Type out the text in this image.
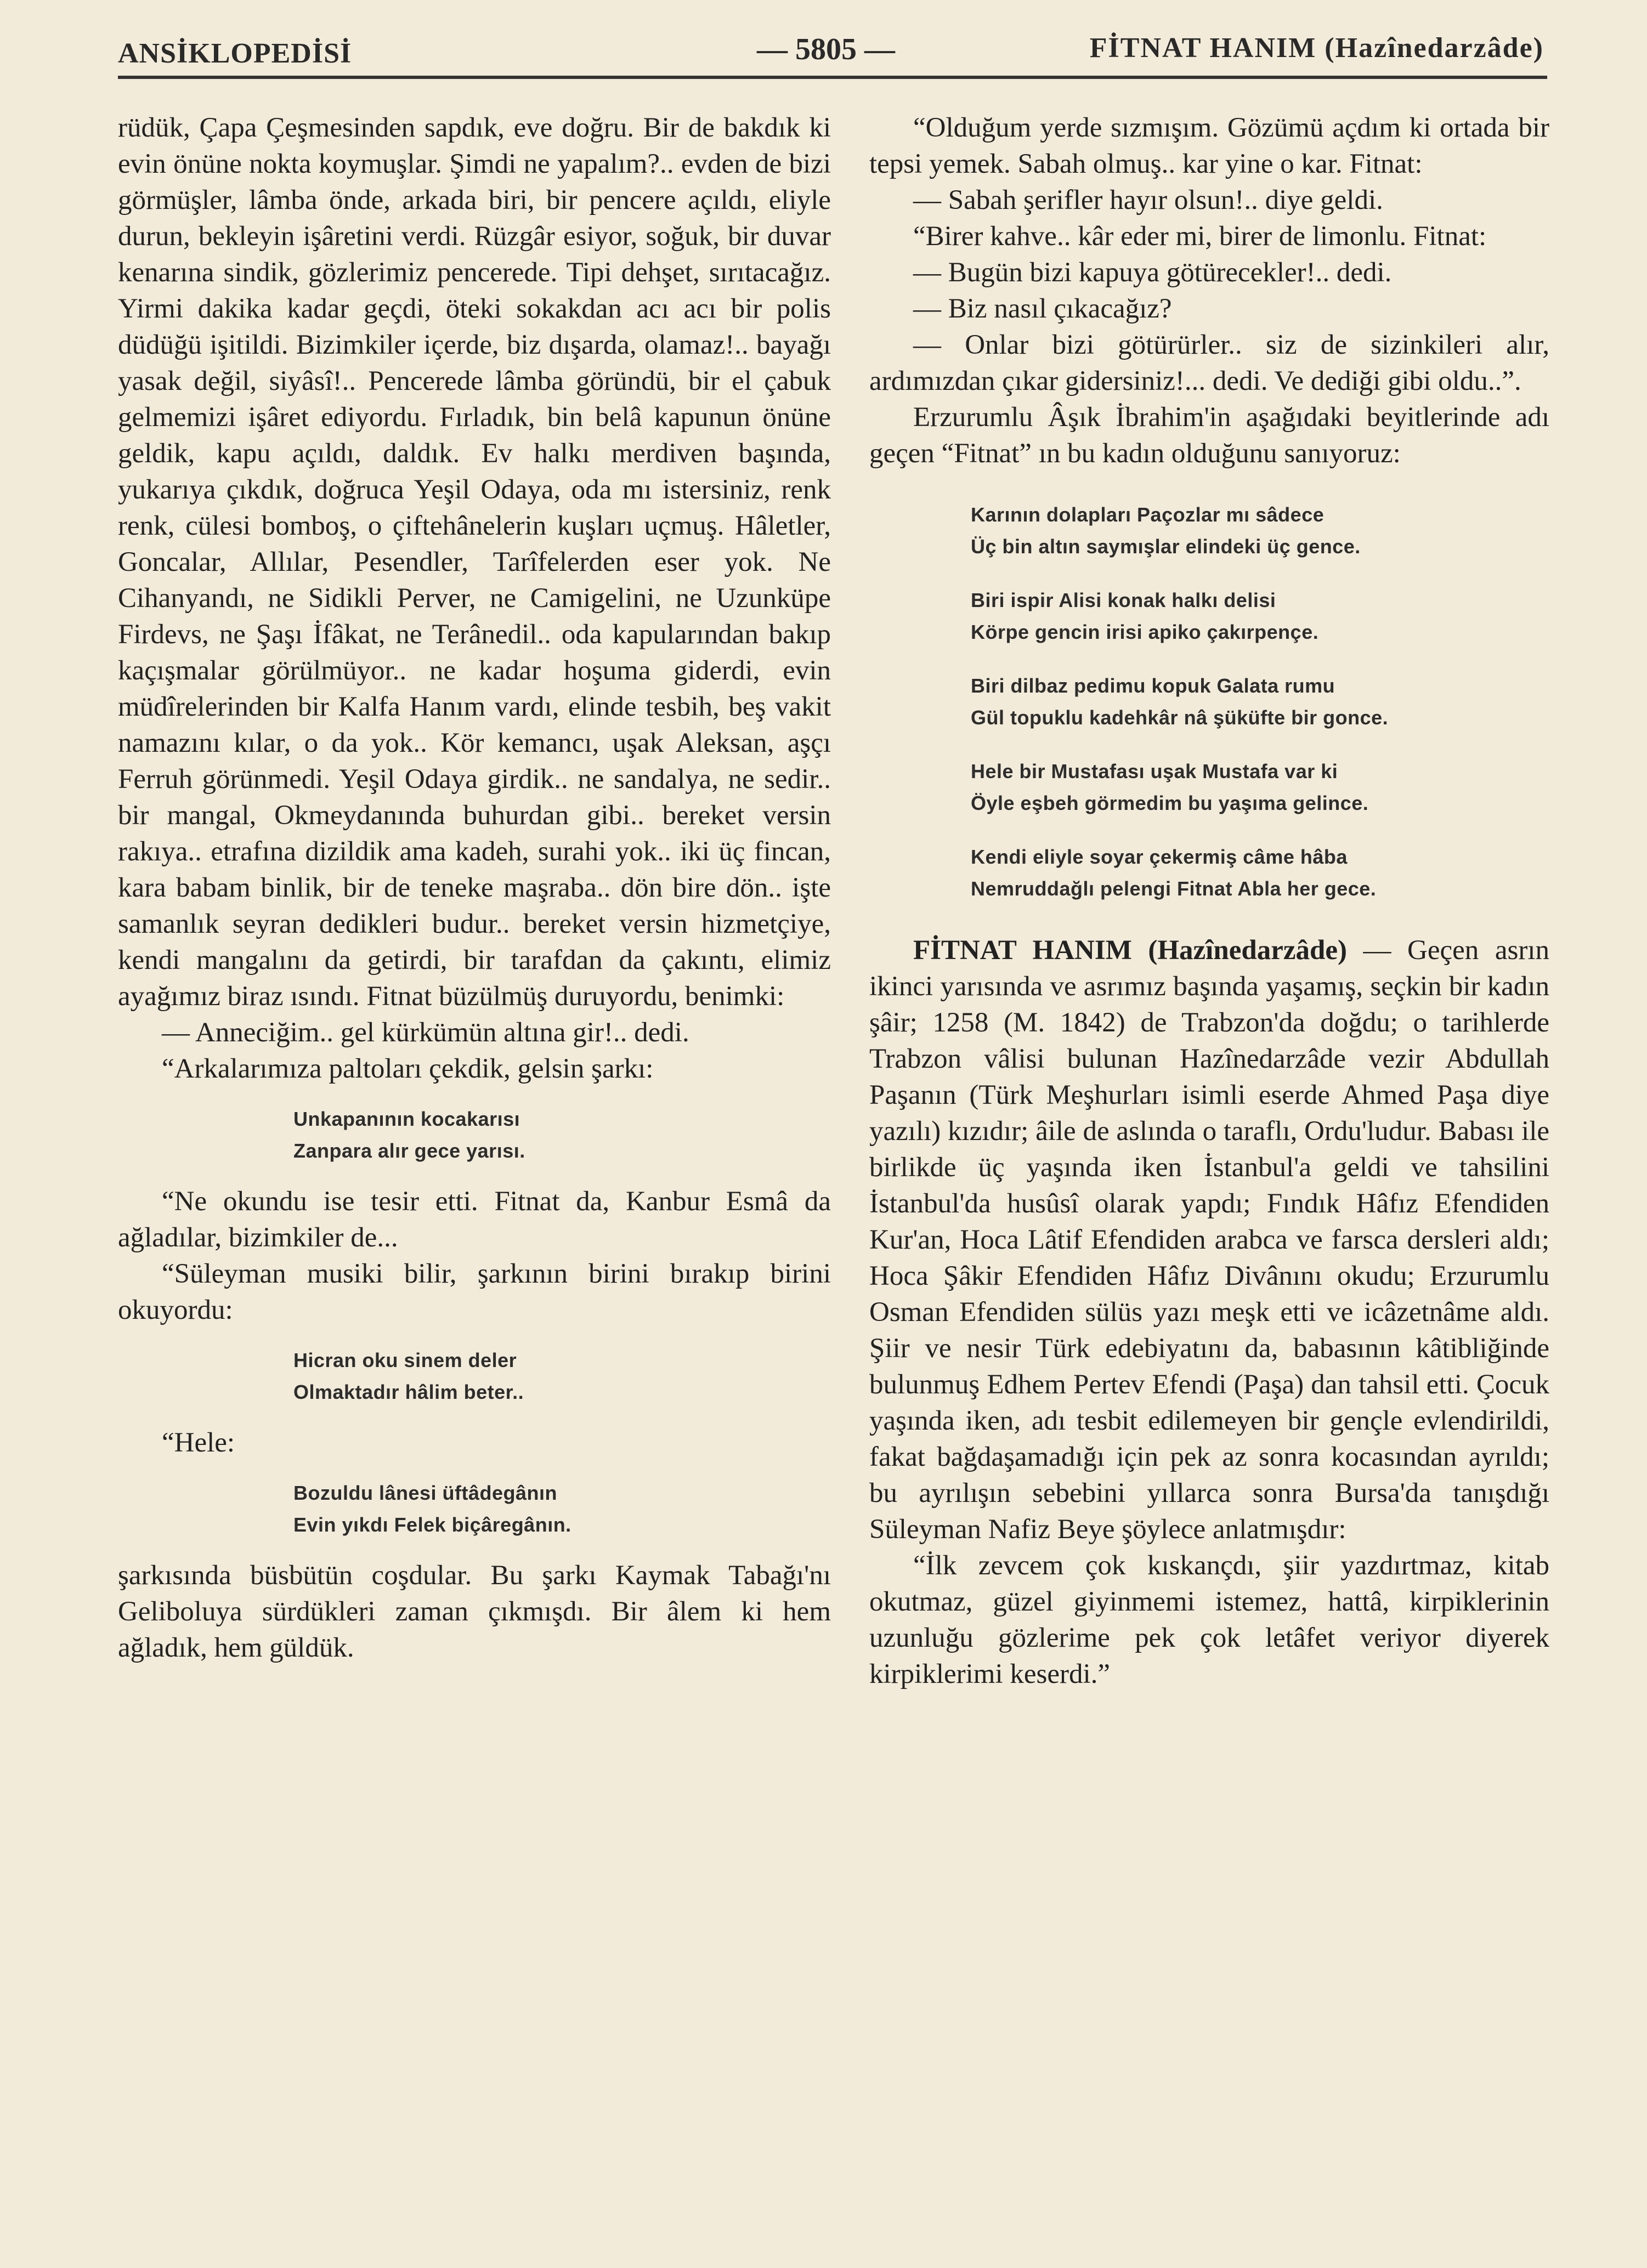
ANSİKLOPEDİSİ	— 5805 —	FİTNAT HANIM (Hazînedarzâde)

rüdük, Çapa Çeşmesinden sapdık, eve doğru. Bir de bakdık ki evin önüne nokta koymuşlar. Şimdi ne yapalım?.. evden de bizi görmüşler, lâmba önde, arkada biri, bir pencere açıldı, eliyle durun, bekleyin işâretini verdi. Rüzgâr esiyor, soğuk, bir duvar kenarına sindik, gözlerimiz pencerede. Tipi dehşet, sırıtacağız. Yirmi dakika kadar geçdi, öteki sokakdan acı acı bir polis düdüğü işitildi. Bizimkiler içerde, biz dışarda, olamaz!.. bayağı yasak değil, siyâsî!.. Pencerede lâmba göründü, bir el çabuk gelmemizi işâret ediyordu. Fırladık, bin belâ kapunun önüne geldik, kapu açıldı, daldık. Ev halkı merdiven başında, yukarıya çıkdık, doğruca Yeşil Odaya, oda mı istersiniz, renk renk, cülesi bomboş, o çiftehânelerin kuşları uçmuş. Hâletler, Goncalar, Allılar, Pesendler, Tarîfelerden eser yok. Ne Cihanyandı, ne Sidikli Perver, ne Camigelini, ne Uzunküpe Firdevs, ne Şaşı İfâkat, ne Terânedil.. oda kapularından bakıp kaçışmalar görülmüyor.. ne kadar hoşuma giderdi, evin müdîrelerinden bir Kalfa Hanım vardı, elinde tesbih, beş vakit namazını kılar, o da yok.. Kör kemancı, uşak Aleksan, aşçı Ferruh görünmedi. Yeşil Odaya girdik.. ne sandalya, ne sedir.. bir mangal, Okmeydanında buhurdan gibi.. bereket versin rakıya.. etrafına dizildik ama kadeh, surahi yok.. iki üç fincan, kara babam binlik, bir de teneke maşraba.. dön bire dön.. işte samanlık seyran dedikleri budur.. bereket versin hizmetçiye, kendi mangalını da getirdi, bir tarafdan da çakıntı, elimiz ayağımız biraz ısındı. Fitnat büzülmüş duruyordu, benimki:

— Anneciğim.. gel kürkümün altına gir!.. dedi.

“Arkalarımıza paltoları çekdik, gelsin şarkı:

Unkapanının kocakarısı
Zanpara alır gece yarısı.

“Ne okundu ise tesir etti. Fitnat da, Kanbur Esmâ da ağladılar, bizimkiler de...

“Süleyman musiki bilir, şarkının birini bırakıp birini okuyordu:

Hicran oku sinem deler
Olmaktadır hâlim beter..

“Hele:

Bozuldu lânesi üftâdegânın
Evin yıkdı Felek biçâregânın.

şarkısında büsbütün coşdular. Bu şarkı Kaymak Tabağı'nı Geliboluya sürdükleri zaman çıkmışdı. Bir âlem ki hem ağladık, hem güldük.

“Olduğum yerde sızmışım. Gözümü açdım ki ortada bir tepsi yemek. Sabah olmuş.. kar yine o kar. Fitnat:

— Sabah şerifler hayır olsun!.. diye geldi.

“Birer kahve.. kâr eder mi, birer de limonlu. Fitnat:

— Bugün bizi kapuya götürecekler!.. dedi.

— Biz nasıl çıkacağız?

— Onlar bizi götürürler.. siz de sizinkileri alır, ardımızdan çıkar gidersiniz!... dedi. Ve dediği gibi oldu..”.

Erzurumlu Âşık İbrahim'in aşağıdaki beyitlerinde adı geçen “Fitnat” ın bu kadın olduğunu sanıyoruz:

Karının dolapları Paçozlar mı sâdece
Üç bin altın saymışlar elindeki üç gence.
Biri ispir Alisi konak halkı delisi
Körpe gencin irisi apiko çakırpençe.
Biri dilbaz pedimu kopuk Galata rumu
Gül topuklu kadehkâr nâ şüküfte bir gonce.
Hele bir Mustafası uşak Mustafa var ki
Öyle eşbeh görmedim bu yaşıma gelince.
Kendi eliyle soyar çekermiş câme hâba
Nemruddağlı pelengi Fitnat Abla her gece.

FİTNAT HANIM (Hazînedarzâde) — Geçen asrın ikinci yarısında ve asrımız başında yaşamış, seçkin bir kadın şâir; 1258 (M. 1842) de Trabzon'da doğdu; o tarihlerde Trabzon vâlisi bulunan Hazînedarzâde vezir Abdullah Paşanın (Türk Meşhurları isimli eserde Ahmed Paşa diye yazılı) kızıdır; âile de aslında o taraflı, Ordu'ludur. Babası ile birlikde üç yaşında iken İstanbul'a geldi ve tahsilini İstanbul'da husûsî olarak yapdı; Fındık Hâfız Efendiden Kur'an, Hoca Lâtif Efendiden arabca ve farsca dersleri aldı; Hoca Şâkir Efendiden Hâfız Divânını okudu; Erzurumlu Osman Efendiden sülüs yazı meşk etti ve icâzetnâme aldı. Şiir ve nesir Türk edebiyatını da, babasının kâtibliğinde bulunmuş Edhem Pertev Efendi (Paşa) dan tahsil etti. Çocuk yaşında iken, adı tesbit edilemeyen bir gençle evlendirildi, fakat bağdaşamadığı için pek az sonra kocasından ayrıldı; bu ayrılışın sebebini yıllarca sonra Bursa'da tanışdığı Süleyman Nafiz Beye şöylece anlatmışdır:

“İlk zevcem çok kıskançdı, şiir yazdırtmaz, kitab okutmaz, güzel giyinmemi istemez, hattâ, kirpiklerinin uzunluğu gözlerime pek çok letâfet veriyor diyerek kirpiklerimi keserdi.”
